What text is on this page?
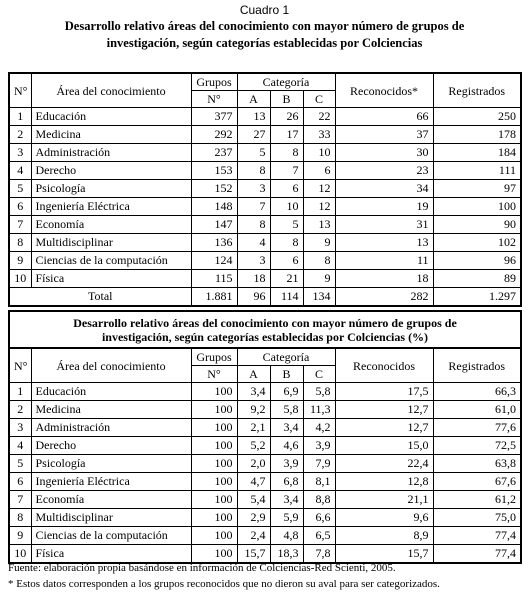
Cuadro 1
Desarrollo relativo áreas del conocimiento con mayor número de grupos de
investigación, según categorías establecidas por Colciencias
N°	Área del conocimiento	Grupos	Categoría			Reconocidos*	Registrados
		N°	A	B	C		
1	Educación	377	13	26	22	66	250
2	Medicina	292	27	17	33	37	178
3	Administración	237	5	8	10	30	184
4	Derecho	153	8	7	6	23	111
5	Psicología	152	3	6	12	34	97
6	Ingeniería Eléctrica	148	7	10	12	19	100
7	Economía	147	8	5	13	31	90
8	Multidisciplinar	136	4	8	9	13	102
9	Ciencias de la computación	124	3	6	8	11	96
10	Física	115	18	21	9	18	89
Total		1.881	96	114	134	282	1.297
Desarrollo relativo áreas del conocimiento con mayor número de grupos de
investigación, según categorías establecidas por Colciencias (%)							
N°	Área del conocimiento	Grupos	Categoría			Reconocidos	Registrados
		N°	A	B	C		
1	Educación	100	3,4	6,9	5,8	17,5	66,3
2	Medicina	100	9,2	5,8	11,3	12,7	61,0
3	Administración	100	2,1	3,4	4,2	12,7	77,6
4	Derecho	100	5,2	4,6	3,9	15,0	72,5
5	Psicología	100	2,0	3,9	7,9	22,4	63,8
6	Ingeniería Eléctrica	100	4,7	6,8	8,1	12,8	67,6
7	Economía	100	5,4	3,4	8,8	21,1	61,2
8	Multidisciplinar	100	2,9	5,9	6,6	9,6	75,0
9	Ciencias de la computación	100	2,4	4,8	6,5	8,9	77,4
10	Física	100	15,7	18,3	7,8	15,7	77,4
Fuente: elaboración propia basándose en información de Colciencias-Red Scienti, 2005.
* Estos datos corresponden a los grupos reconocidos que no dieron su aval para ser categorizados.
